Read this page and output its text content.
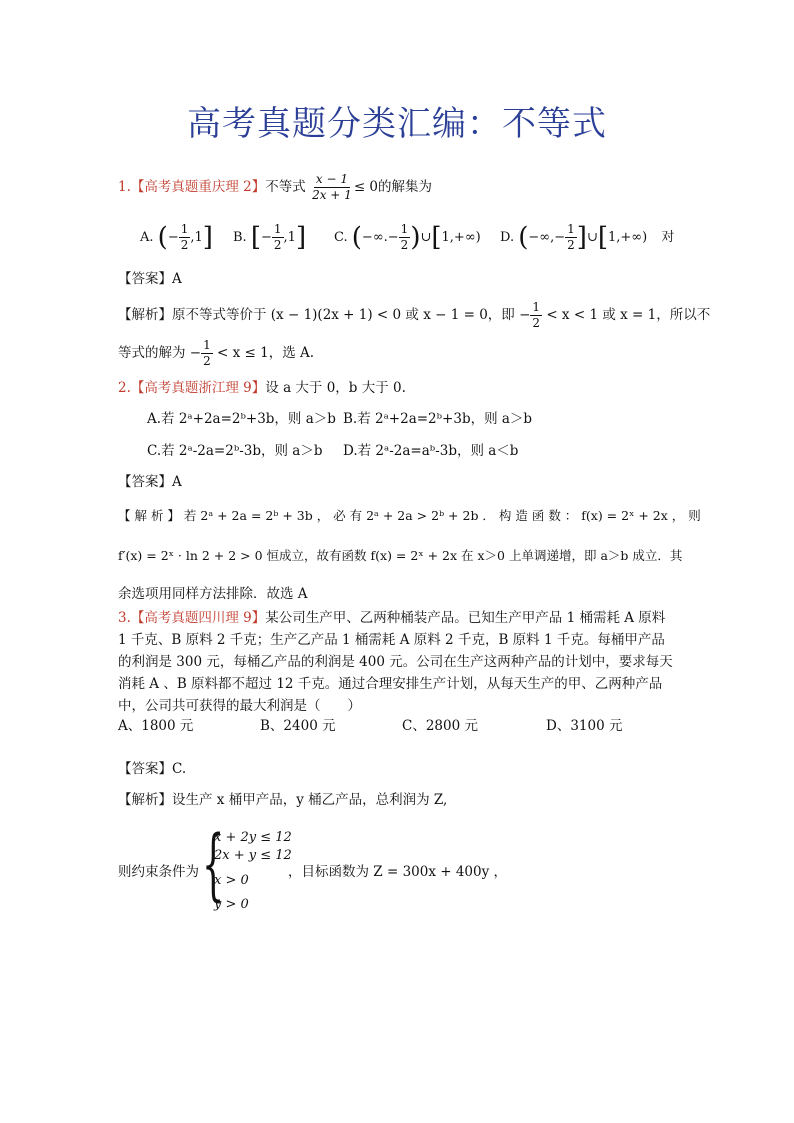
高考真题分类汇编：不等式
1.【高考真题重庆理 2】不等式 $\frac{x - 1}{2x + 1} \le 0$的解集为
A. (− $\frac{1}{2} ,1$] B. [− $\frac{1}{2} ,1$] C. (−∞.− $\frac{1}{2}$ )∪[1,+∞) D. (−∞,− $\frac{1}{2}$ ]∪[1,+∞) 对
【答案】A
【解析】原不等式等价于 (x − 1)(2x + 1) < 0 或 x − 1 = 0，即 − $\frac{1}{2} < x < 1$ 或 x = 1，所以不
等式的解为 − $\frac{1}{2} < x \le 1$，选 A.
2.【高考真题浙江理 9】设 a 大于 0，b 大于 0.
A.若 2ᵃ+2a=2ᵇ+3b，则 a＞b B.若 2ᵃ+2a=2ᵇ+3b，则 a＞b
C.若 2ᵃ-2a=2ᵇ-3b，则 a＞b D.若 2ᵃ-2a=aᵇ-3b，则 a＜b
【答案】A
【 解 析 】 若 2ᵃ + 2a = 2ᵇ + 3b ， 必 有 2ᵃ + 2a > 2ᵇ + 2b ． 构 造 函 数 ： f(x) = 2ˣ + 2x ， 则
f′(x) = 2ˣ · ln 2 + 2 > 0 恒成立，故有函数 f(x) = 2ˣ + 2x 在 x＞0 上单调递增，即 a＞b 成立．其
余选项用同样方法排除．故选 A
3.【高考真题四川理 9】某公司生产甲、乙两种桶装产品。已知生产甲产品 1 桶需耗 A 原料 1 千克、B 原料 2 千克；生产乙产品 1 桶需耗 A 原料 2 千克，B 原料 1 千克。每桶甲产品的利润是 300 元，每桶乙产品的利润是 400 元。公司在生产这两种产品的计划中，要求每天消耗 A 、B 原料都不超过 12 千克。通过合理安排生产计划，从每天生产的甲、乙两种产品中，公司共可获得的最大利润是（　　）
A、1800 元	B、2400 元	C、2800 元	D、3100 元
【答案】C.
【解析】设生产 x 桶甲产品，y 桶乙产品，总利润为 Z,
则约束条件为 {
x + 2y ≤ 12
2x + y ≤ 12
x > 0
y > 0
，目标函数为 Z = 300x + 400y ，
